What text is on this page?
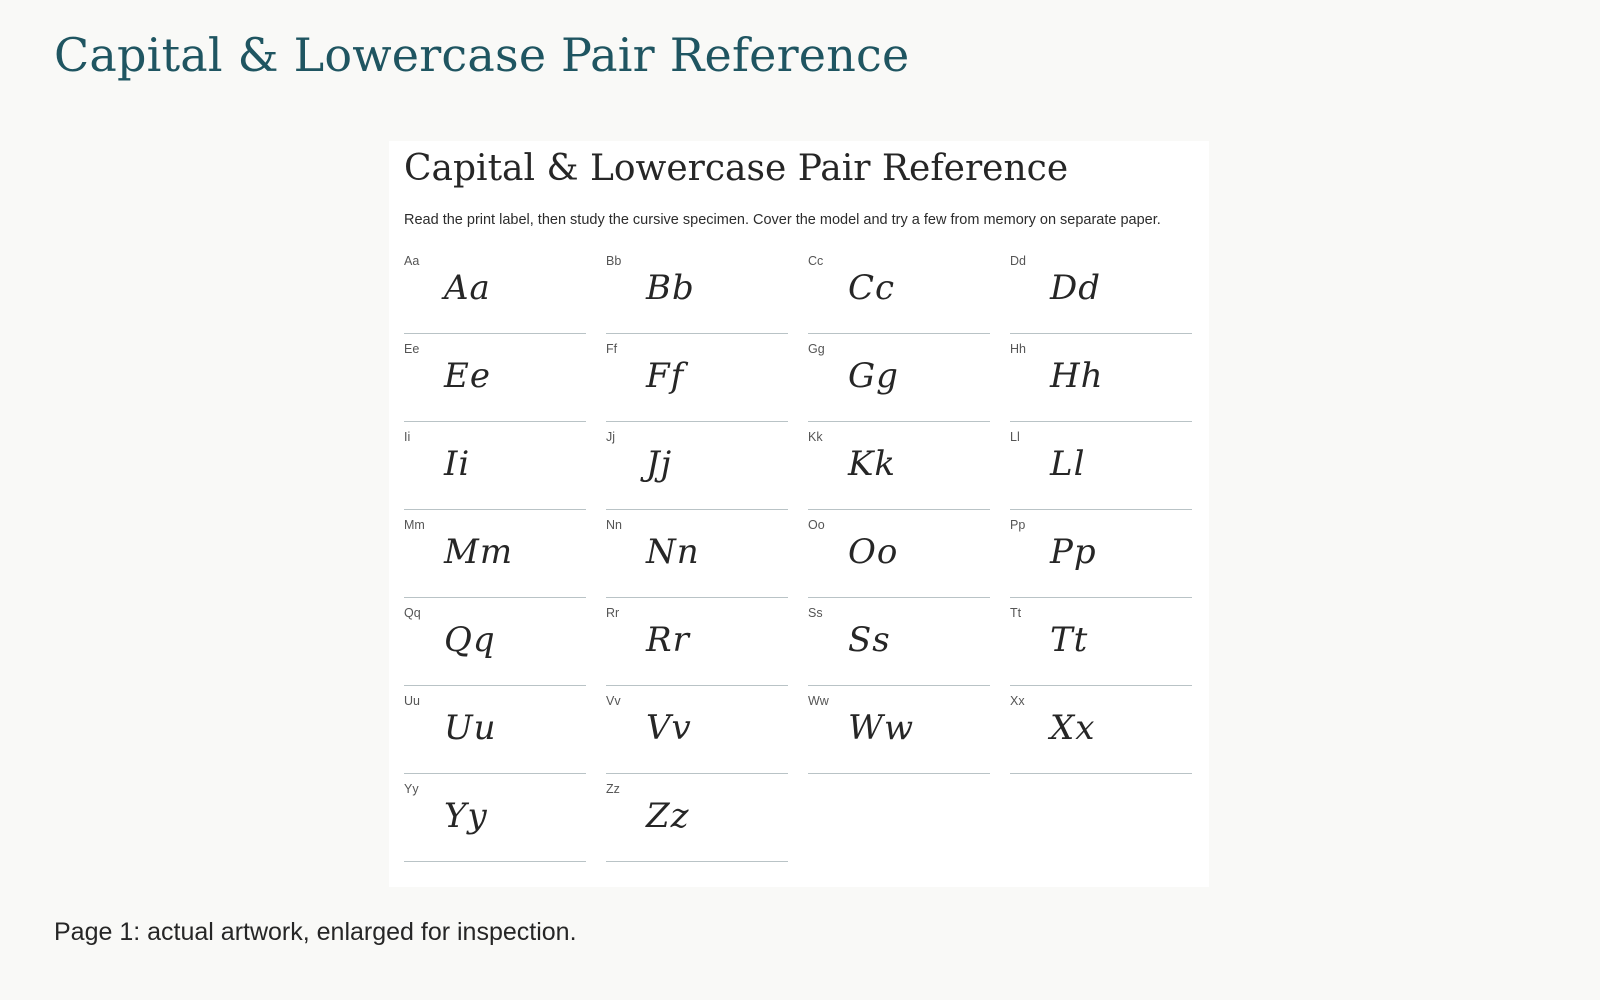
Capital & Lowercase Pair Reference
Capital & Lowercase Pair Reference

Read the print label, then study the cursive specimen. Cover the model and try a few from memory on separate paper.

Aa
Aa
Bb
Bb
Cc
Cc
Dd
Dd
Ee
Ee
Ff
Ff
Gg
Gg
Hh
Hh
Ii
Ii
Jj
Jj
Kk
Kk
Ll
Ll
Mm
Mm
Nn
Nn
Oo
Oo
Pp
Pp
Qq
Qq
Rr
Rr
Ss
Ss
Tt
Tt
Uu
Uu
Vv
Vv
Ww
Ww
Xx
Xx
Yy
Yy
Zz
Zz

Page 1: actual artwork, enlarged for inspection.
